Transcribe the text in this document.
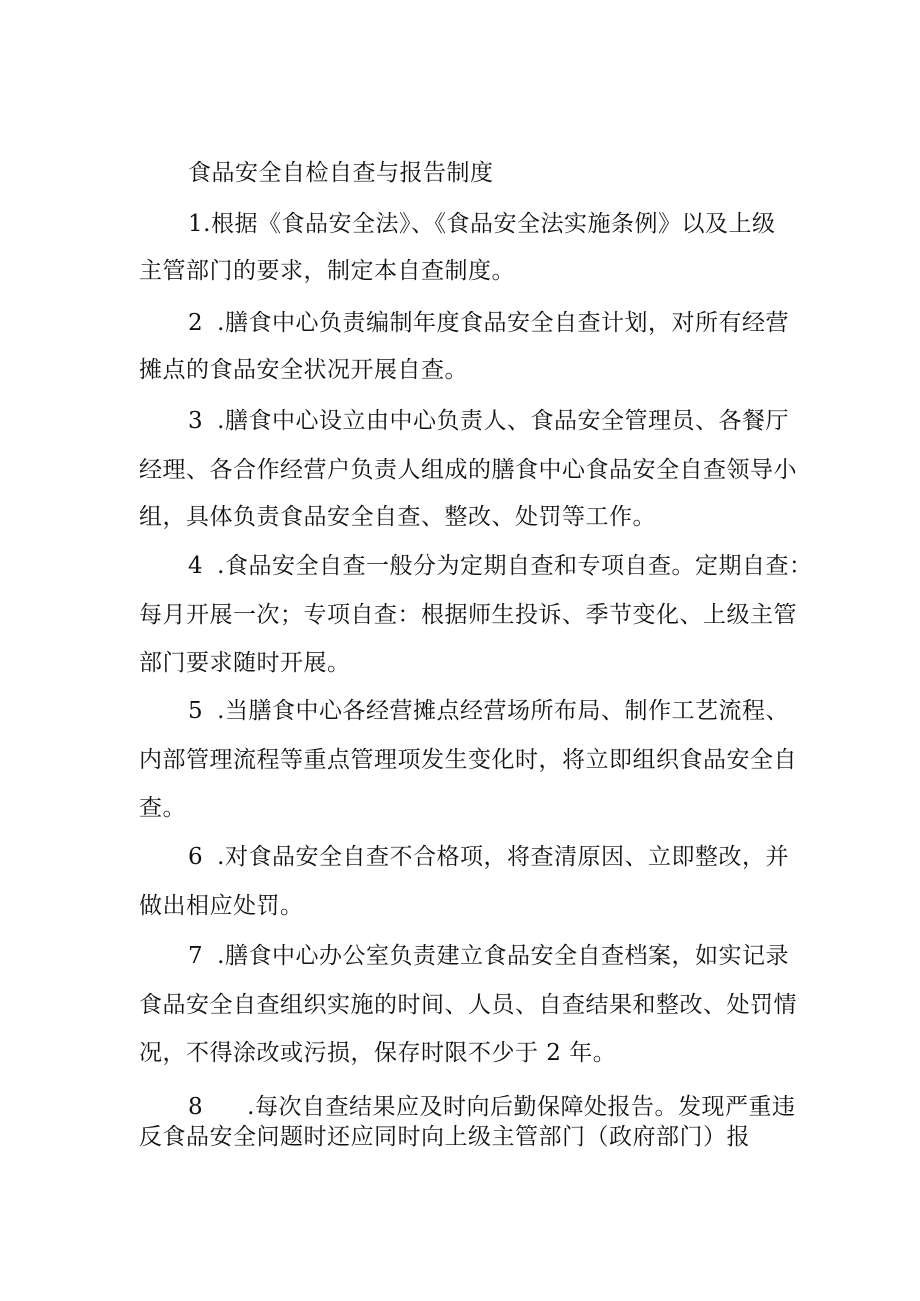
食品安全自检自查与报告制度
1.根据《食品安全法》、《食品安全法实施条例》以及上级
主管部门的要求，制定本自查制度。
2 .膳食中心负责编制年度食品安全自查计划，对所有经营
摊点的食品安全状况开展自查。
3 .膳食中心设立由中心负责人、食品安全管理员、各餐厅
经理、各合作经营户负责人组成的膳食中心食品安全自查领导小
组，具体负责食品安全自查、整改、处罚等工作。
4 .食品安全自查一般分为定期自查和专项自查。定期自查：
每月开展一次；专项自查：根据师生投诉、季节变化、上级主管
部门要求随时开展。
5 .当膳食中心各经营摊点经营场所布局、制作工艺流程、
内部管理流程等重点管理项发生变化时，将立即组织食品安全自
查。
6 .对食品安全自查不合格项，将查清原因、立即整改，并
做出相应处罚。
7 .膳食中心办公室负责建立食品安全自查档案，如实记录
食品安全自查组织实施的时间、人员、自查结果和整改、处罚情
况，不得涂改或污损，保存时限不少于 2 年。
8 .每次自查结果应及时向后勤保障处报告。发现严重违
反食品安全问题时还应同时向上级主管部门（政府部门）报
